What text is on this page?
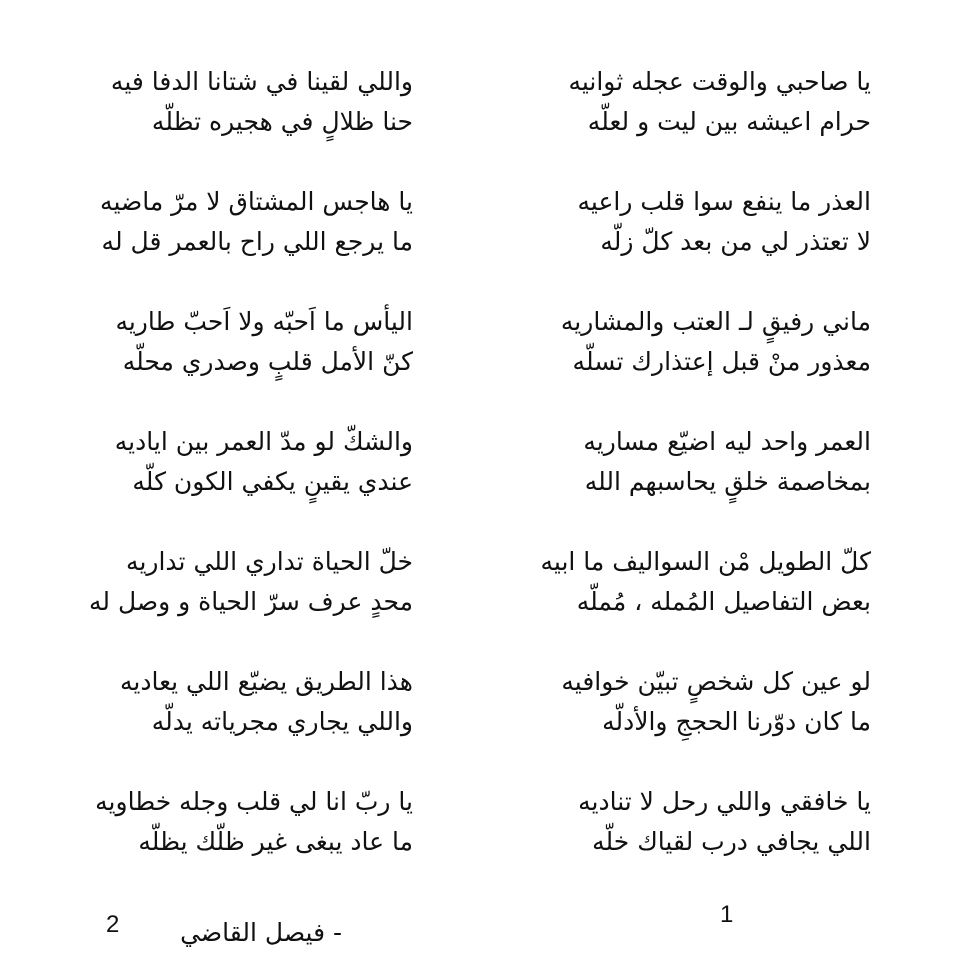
يا صاحبي والوقت عجله ثوانيه
حرام اعيشه بين ليت و لعلّه
العذر ما ينفع سوا قلب راعيه
لا تعتذر لي من بعد كلّ زلّه
ماني رفيقٍ لـ العتب والمشاريه
معذور منْ قبل إعتذارك تسلّه
العمر واحد ليه اضيّع مساريه
بمخاصمة خلقٍ يحاسبهم الله
كلّ الطويل مْن السواليف ما ابيه
بعض التفاصيل المُمله ، مُملّه
لو عين كل شخصٍ تبيّن خوافيه
ما كان دوّرنا الحججِ والأدلّه
يا خافقي واللي رحل لا تناديه
اللي يجافي درب لقياك خلّه
واللي لقينا في شتانا الدفا فيه
حنا ظلالٍ في هجيره تظلّه
يا هاجس المشتاق لا مرّ ماضيه
ما يرجع اللي راح بالعمر قل له
اليأس ما اَحبّه ولا اَحبّ طاريه
كنّ الأمل قلبٍ وصدري محلّه
والشكّ لو مدّ العمر بين اياديه
عندي يقينٍ يكفي الكون كلّه
خلّ الحياة تداري اللي تداريه
محدٍ عرف سرّ الحياة و وصل له
هذا الطريق يضيّع اللي يعاديه
واللي يجاري مجرياته يدلّه
يا ربّ انا لي قلب وجله خطاويه
ما عاد يبغى غير ظلّك يظلّه
1
2 - فيصل القاضي
